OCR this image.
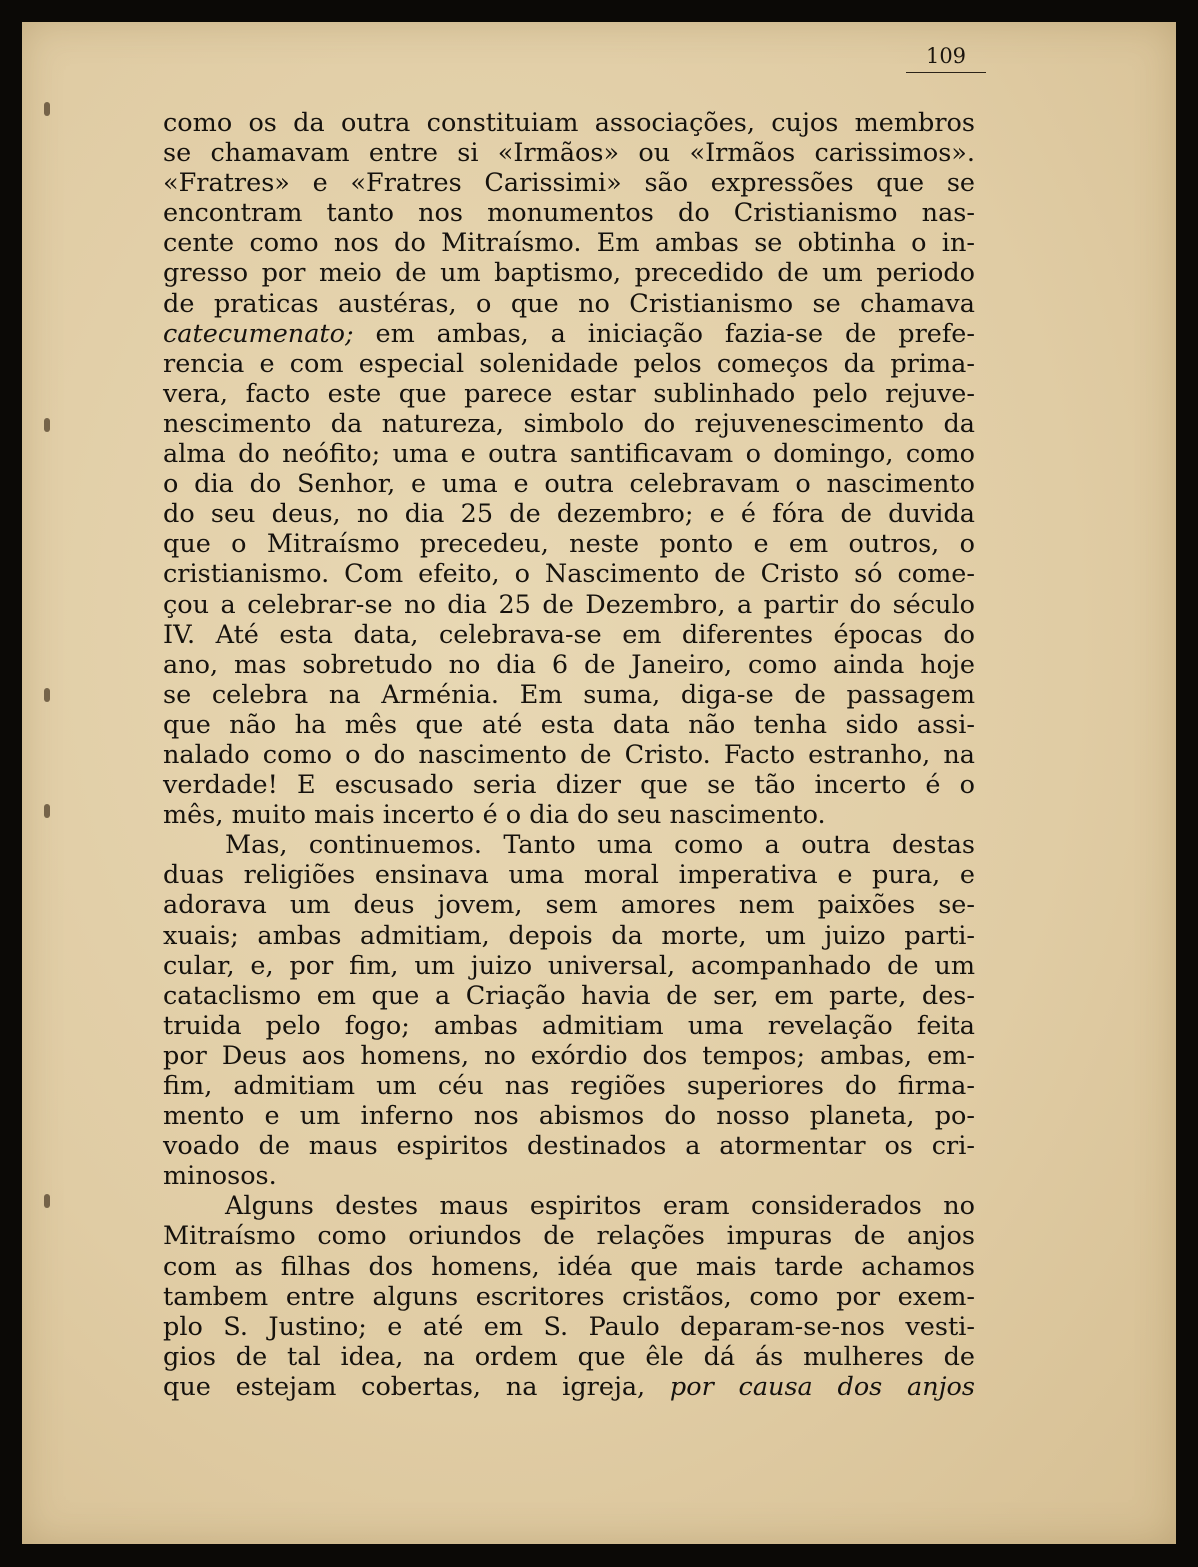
109
como os da outra constituiam associações, cujos membros
se chamavam entre si «Irmãos» ou «Irmãos carissimos».
«Fratres» e «Fratres Carissimi» são expressões que se
encontram tanto nos monumentos do Cristianismo nas-
cente como nos do Mitraísmo. Em ambas se obtinha o in-
gresso por meio de um baptismo, precedido de um periodo
de praticas austéras, o que no Cristianismo se chamava
catecumenato; em ambas, a iniciação fazia-se de prefe-
rencia e com especial solenidade pelos começos da prima-
vera, facto este que parece estar sublinhado pelo rejuve-
nescimento da natureza, simbolo do rejuvenescimento da
alma do neófito; uma e outra santificavam o domingo, como
o dia do Senhor, e uma e outra celebravam o nascimento
do seu deus, no dia 25 de dezembro; e é fóra de duvida
que o Mitraísmo precedeu, neste ponto e em outros, o
cristianismo. Com efeito, o Nascimento de Cristo só come-
çou a celebrar-se no dia 25 de Dezembro, a partir do século
IV. Até esta data, celebrava-se em diferentes épocas do
ano, mas sobretudo no dia 6 de Janeiro, como ainda hoje
se celebra na Arménia. Em suma, diga-se de passagem
que não ha mês que até esta data não tenha sido assi-
nalado como o do nascimento de Cristo. Facto estranho, na
verdade! E escusado seria dizer que se tão incerto é o
mês, muito mais incerto é o dia do seu nascimento.
Mas, continuemos. Tanto uma como a outra destas
duas religiões ensinava uma moral imperativa e pura, e
adorava um deus jovem, sem amores nem paixões se-
xuais; ambas admitiam, depois da morte, um juizo parti-
cular, e, por fim, um juizo universal, acompanhado de um
cataclismo em que a Criação havia de ser, em parte, des-
truida pelo fogo; ambas admitiam uma revelação feita
por Deus aos homens, no exórdio dos tempos; ambas, em-
fim, admitiam um céu nas regiões superiores do firma-
mento e um inferno nos abismos do nosso planeta, po-
voado de maus espiritos destinados a atormentar os cri-
minosos.
Alguns destes maus espiritos eram considerados no
Mitraísmo como oriundos de relações impuras de anjos
com as filhas dos homens, idéa que mais tarde achamos
tambem entre alguns escritores cristãos, como por exem-
plo S. Justino; e até em S. Paulo deparam-se-nos vesti-
gios de tal idea, na ordem que êle dá ás mulheres de
que estejam cobertas, na igreja, por causa dos anjos
